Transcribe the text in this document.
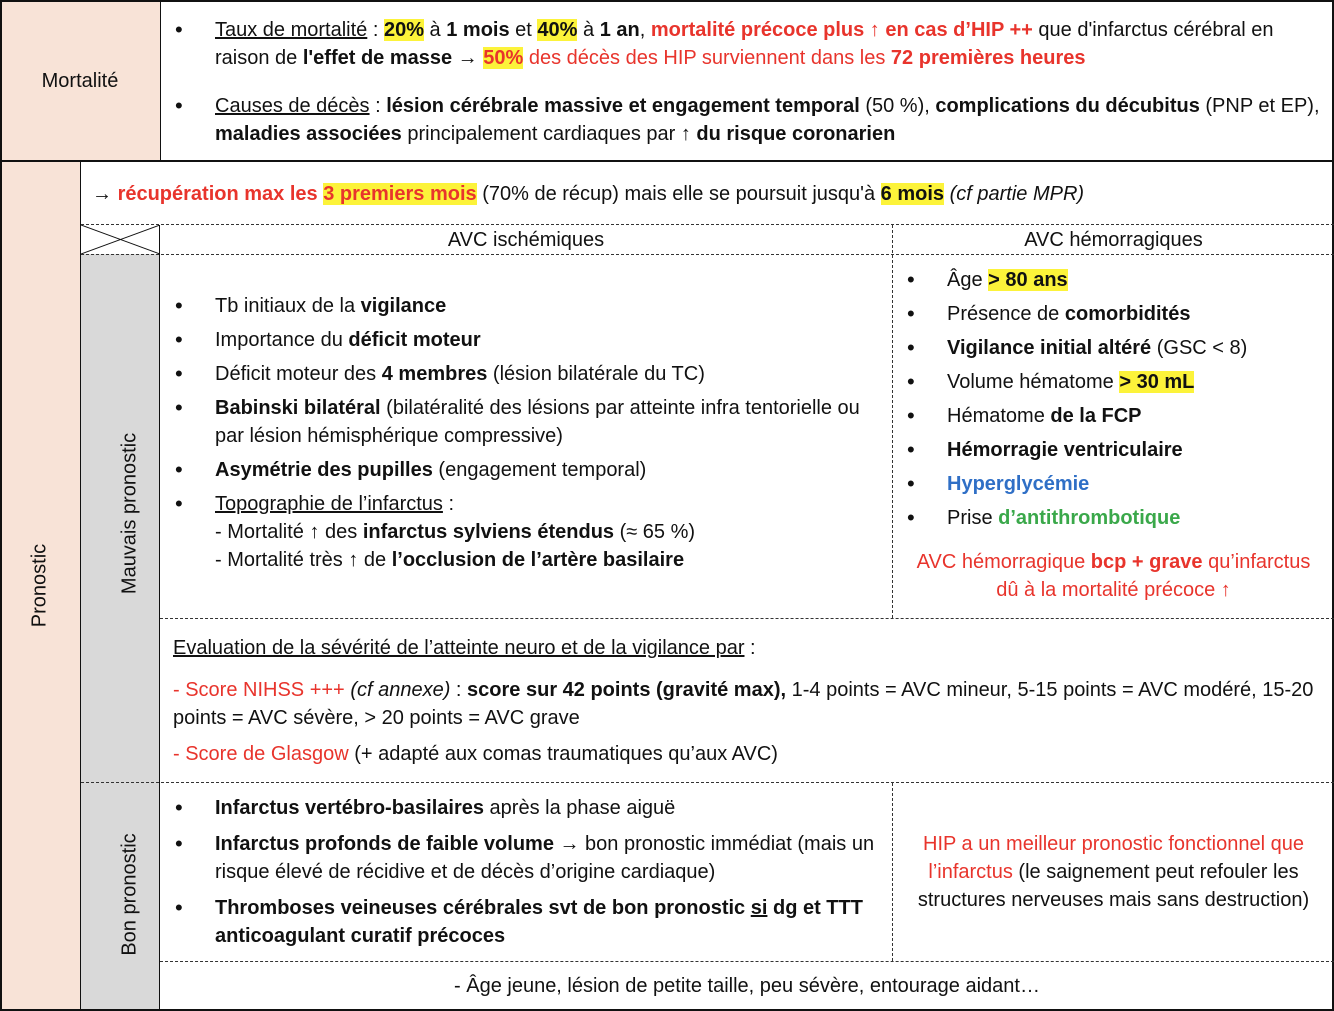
Mortalité
• Taux de mortalité : 20% à 1 mois et 40% à 1 an, mortalité précoce plus ↑ en cas d’HIP ++ que d'infarctus cérébral en raison de l'effet de masse → 50% des décès des HIP surviennent dans les 72 premières heures
• Causes de décès : lésion cérébrale massive et engagement temporal (50 %), complications du décubitus (PNP et EP), maladies associées principalement cardiaques par ↑ du risque coronarien
Pronostic
→ récupération max les 3 premiers mois (70% de récup) mais elle se poursuit jusqu'à 6 mois (cf partie MPR)
AVC ischémiques	AVC hémorragiques
Mauvais pronostic
• Tb initiaux de la vigilance
• Importance du déficit moteur
• Déficit moteur des 4 membres (lésion bilatérale du TC)
• Babinski bilatéral (bilatéralité des lésions par atteinte infra tentorielle ou par lésion hémisphérique compressive)
• Asymétrie des pupilles (engagement temporal)
• Topographie de l’infarctus :
- Mortalité ↑ des infarctus sylviens étendus (≈ 65 %)
- Mortalité très ↑ de l’occlusion de l’artère basilaire
• Âge > 80 ans
• Présence de comorbidités
• Vigilance initial altéré (GSC < 8)
• Volume hématome > 30 mL
• Hématome de la FCP
• Hémorragie ventriculaire
• Hyperglycémie
• Prise d’antithrombotique
AVC hémorragique bcp + grave qu’infarctus dû à la mortalité précoce ↑
Evaluation de la sévérité de l’atteinte neuro et de la vigilance par :
- Score NIHSS +++ (cf annexe) : score sur 42 points (gravité max), 1-4 points = AVC mineur, 5-15 points = AVC modéré, 15-20 points = AVC sévère, > 20 points = AVC grave
- Score de Glasgow (+ adapté aux comas traumatiques qu’aux AVC)
Bon pronostic
• Infarctus vertébro-basilaires après la phase aiguë
• Infarctus profonds de faible volume → bon pronostic immédiat (mais un risque élevé de récidive et de décès d’origine cardiaque)
• Thromboses veineuses cérébrales svt de bon pronostic si dg et TTT anticoagulant curatif précoces
HIP a un meilleur pronostic fonctionnel que l’infarctus (le saignement peut refouler les structures nerveuses mais sans destruction)
- Âge jeune, lésion de petite taille, peu sévère, entourage aidant…
